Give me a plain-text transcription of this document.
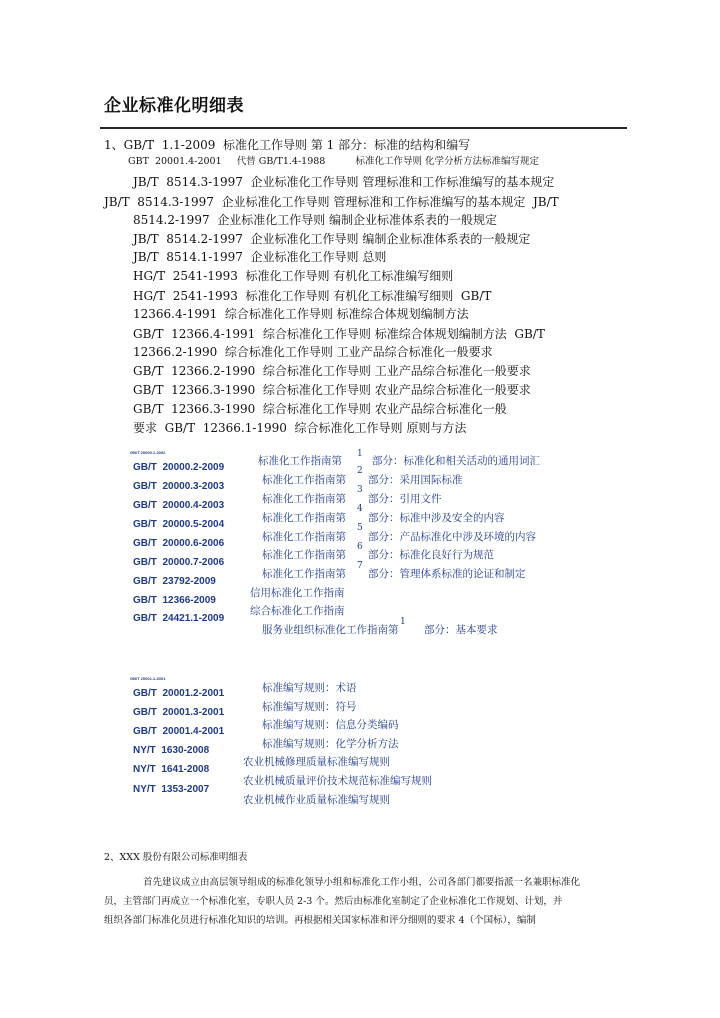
企业标准化明细表
1、GB/T  1.1-2009  标准化工作导则 第 1 部分：标准的结构和编写
GBT  20001.4-2001     代替 GB/T1.4-1988          标准化工作导则 化学分析方法标准编写规定
JB/T  8514.3-1997  企业标准化工作导则 管理标准和工作标准编写的基本规定
JB/T  8514.3-1997  企业标准化工作导则 管理标准和工作标准编写的基本规定  JB/T
8514.2-1997  企业标准化工作导则 编制企业标准体系表的一般规定
JB/T  8514.2-1997  企业标准化工作导则 编制企业标准体系表的一般规定
JB/T  8514.1-1997  企业标准化工作导则 总则
HG/T  2541-1993  标准化工作导则 有机化工标准编写细则
HG/T  2541-1993  标准化工作导则 有机化工标准编写细则  GB/T
12366.4-1991  综合标准化工作导则 标准综合体规划编制方法
GB/T  12366.4-1991  综合标准化工作导则 标准综合体规划编制方法  GB/T
12366.2-1990  综合标准化工作导则 工业产品综合标准化一般要求
GB/T  12366.2-1990  综合标准化工作导则 工业产品综合标准化一般要求
GB/T  12366.3-1990  综合标准化工作导则 农业产品综合标准化一般要求
GB/T  12366.3-1990  综合标准化工作导则 农业产品综合标准化一般
要求  GB/T  12366.1-1990  综合标准化工作导则 原则与方法
GB/T 20000.1-2002
GB/T  20000.2-2009
GB/T  20000.3-2003
GB/T  20000.4-2003
GB/T  20000.5-2004
GB/T  20000.6-2006
GB/T  20000.7-2006
GB/T  23792-2009
GB/T  12366-2009
GB/T  24421.1-2009
标准化工作指南第
标准化工作指南第
标准化工作指南第
标准化工作指南第
标准化工作指南第
标准化工作指南第
标准化工作指南第
信用标准化工作指南
综合标准化工作指南
服务业组织标准化工作指南第
1
2
3
4
5
6
7
1
部分：标准化和相关活动的通用词汇
部分：采用国际标准
部分：引用文件
部分：标准中涉及安全的内容
部分：产品标准化中涉及环境的内容
部分：标准化良好行为规范
部分：管理体系标准的论证和制定
部分：基本要求
GB/T 20001.1-2001
GB/T  20001.2-2001
GB/T  20001.3-2001
GB/T  20001.4-2001
NY/T  1630-2008
NY/T  1641-2008
NY/T  1353-2007
标准编写规则：术语
标准编写规则：符号
标准编写规则：信息分类编码
标准编写规则：化学分析方法
农业机械修理质量标准编写规则
农业机械质量评价技术规范标准编写规则
农业机械作业质量标准编写规则
2、XXX 股份有限公司标准明细表
首先建议成立由高层领导组成的标准化领导小组和标准化工作小组，公司各部门都要指派一名兼职标准化
员，主管部门再成立一个标准化室，专职人员 2-3 个。然后由标准化室制定了企业标准化工作规划、计划，并
组织各部门标准化员进行标准化知识的培训。再根据相关国家标准和评分细则的要求 4（个国标），编制
